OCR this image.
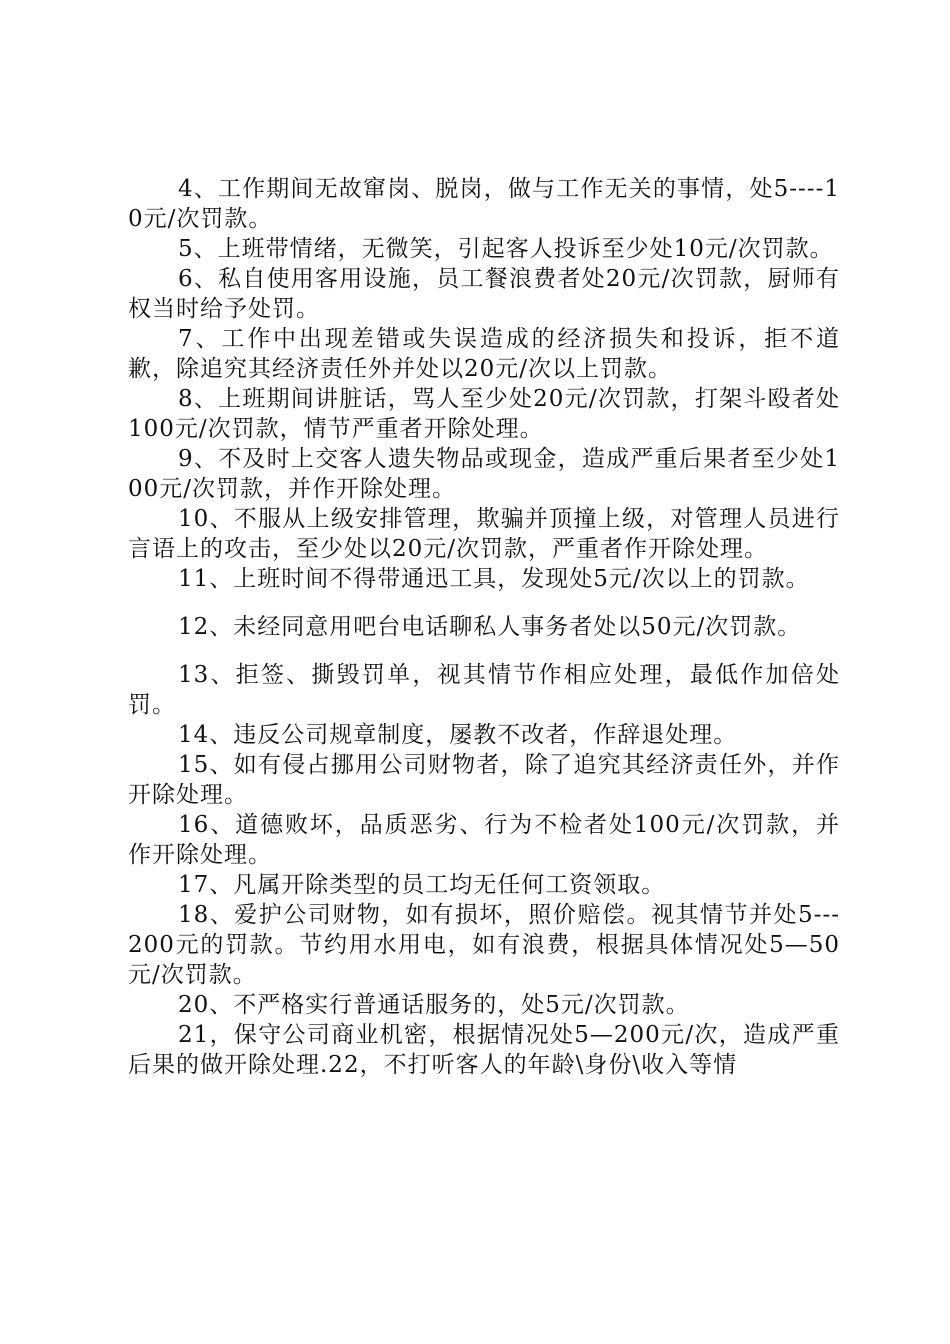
4、工作期间无故窜岗、脱岗，做与工作无关的事情，处5----10元/次罚款。

5、上班带情绪，无微笑，引起客人投诉至少处10元/次罚款。

6、私自使用客用设施，员工餐浪费者处20元/次罚款，厨师有权当时给予处罚。

7、工作中出现差错或失误造成的经济损失和投诉，拒不道歉，除追究其经济责任外并处以20元/次以上罚款。

8、上班期间讲脏话，骂人至少处20元/次罚款，打架斗殴者处100元/次罚款，情节严重者开除处理。

9、不及时上交客人遗失物品或现金，造成严重后果者至少处100元/次罚款，并作开除处理。

10、不服从上级安排管理，欺骗并顶撞上级，对管理人员进行言语上的攻击，至少处以20元/次罚款，严重者作开除处理。

11、上班时间不得带通迅工具，发现处5元/次以上的罚款。

12、未经同意用吧台电话聊私人事务者处以50元/次罚款。

13、拒签、撕毁罚单，视其情节作相应处理，最低作加倍处罚。

14、违反公司规章制度，屡教不改者，作辞退处理。

15、如有侵占挪用公司财物者，除了追究其经济责任外，并作开除处理。

16、道德败坏，品质恶劣、行为不检者处100元/次罚款，并作开除处理。

17、凡属开除类型的员工均无任何工资领取。

18、爱护公司财物，如有损坏，照价赔偿。视其情节并处5---200元的罚款。节约用水用电，如有浪费，根据具体情况处5—50元/次罚款。

20、不严格实行普通话服务的，处5元/次罚款。

21，保守公司商业机密，根据情况处5—200元/次，造成严重后果的做开除处理.22，不打听客人的年龄\身份\收入等情
